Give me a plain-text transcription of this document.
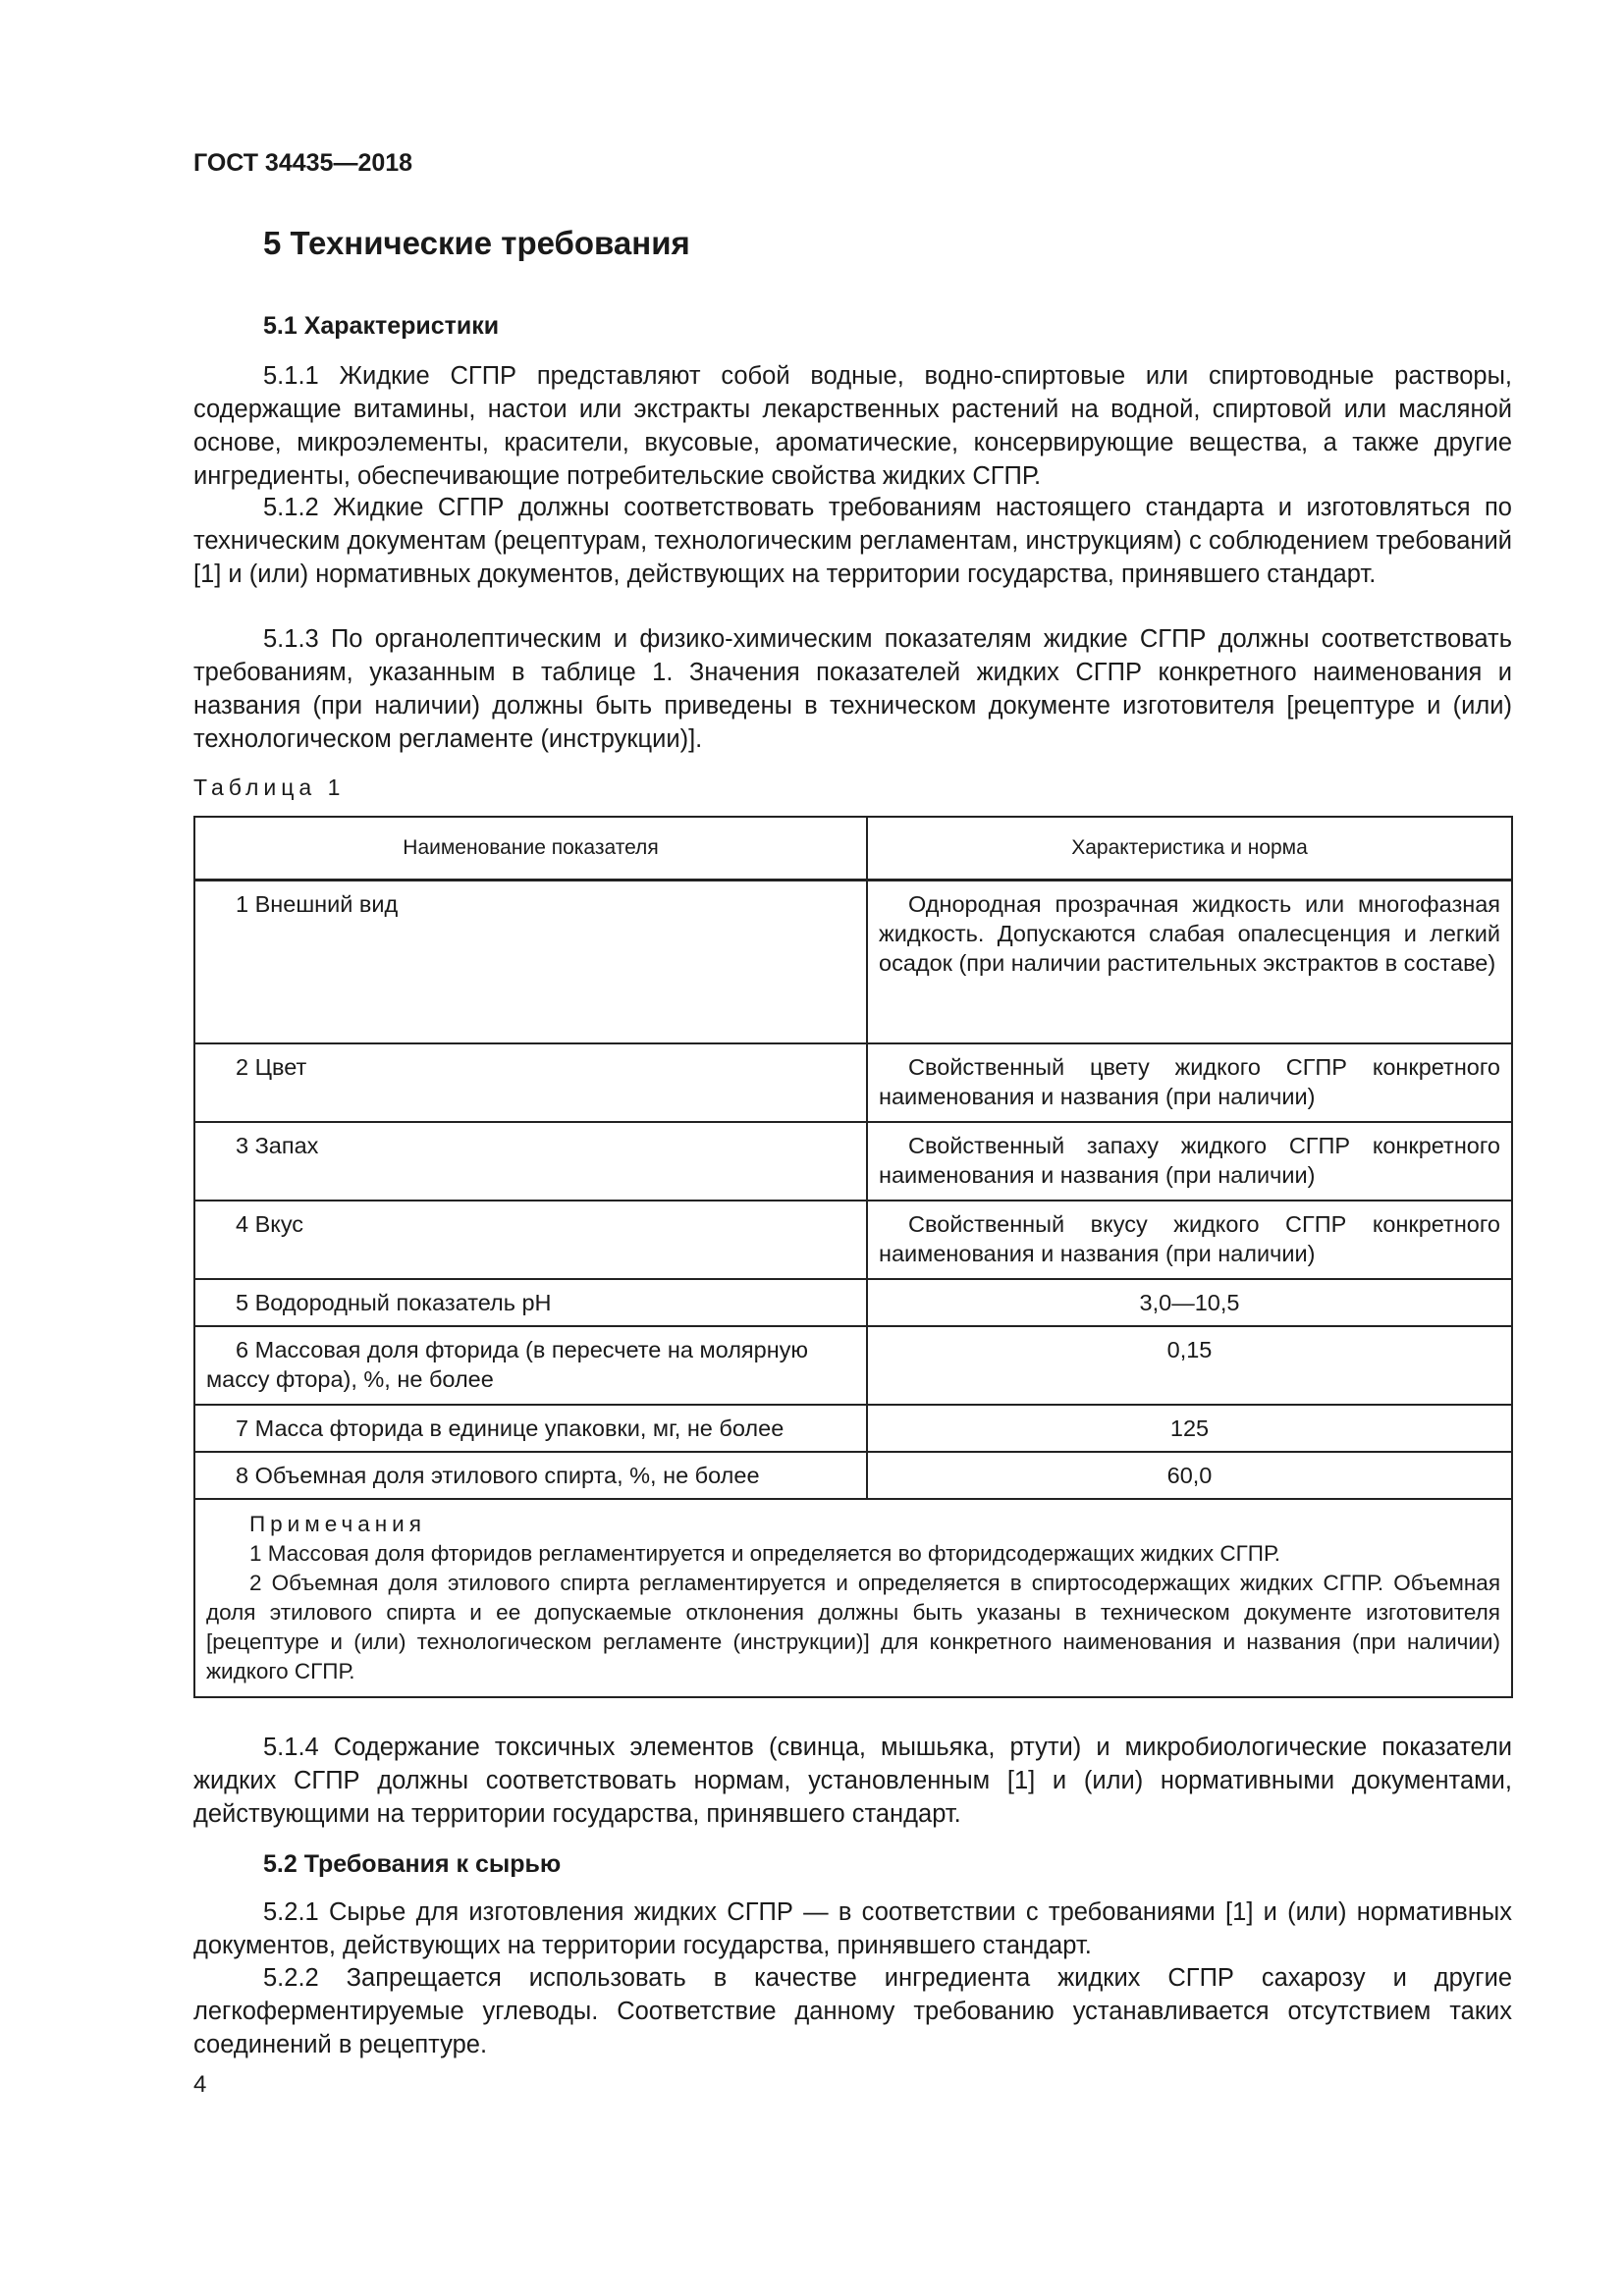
ГОСТ 34435—2018
5 Технические требования
5.1 Характеристики

5.1.1 Жидкие СГПР представляют собой водные, водно-спиртовые или спиртоводные растворы, содержащие витамины, настои или экстракты лекарственных растений на водной, спиртовой или масляной основе, микроэлементы, красители, вкусовые, ароматические, консервирующие вещества, а также другие ингредиенты, обеспечивающие потребительские свойства жидких СГПР.

5.1.2 Жидкие СГПР должны соответствовать требованиям настоящего стандарта и изготовляться по техническим документам (рецептурам, технологическим регламентам, инструкциям) с соблюдением требований [1] и (или) нормативных документов, действующих на территории государства, принявшего стандарт.

5.1.3 По органолептическим и физико-химическим показателям жидкие СГПР должны соответствовать требованиям, указанным в таблице 1. Значения показателей жидких СГПР конкретного наименования и названия (при наличии) должны быть приведены в техническом документе изготовителя [рецептуре и (или) технологическом регламенте (инструкции)].

Таблица 1
Наименование показателя	Характеристика и норма
1 Внешний вид	Однородная прозрачная жидкость или многофазная жидкость. Допускаются слабая опалесценция и легкий осадок (при наличии растительных экстрактов в составе)
2 Цвет	Свойственный цвету жидкого СГПР конкретного наименования и названия (при наличии)
3 Запах	Свойственный запаху жидкого СГПР конкретного наименования и названия (при наличии)
4 Вкус	Свойственный вкусу жидкого СГПР конкретного наименования и названия (при наличии)
5 Водородный показатель рН	3,0—10,5
6 Массовая доля фторида (в пересчете на молярную массу фтора), %, не более	0,15
7 Масса фторида в единице упаковки, мг, не более	125
8 Объемная доля этилового спирта, %, не более	60,0

Примечания
1 Массовая доля фторидов регламентируется и определяется во фторидсодержащих жидких СГПР.
2 Объемная доля этилового спирта регламентируется и определяется в спиртосодержащих жидких СГПР. Объемная доля этилового спирта и ее допускаемые отклонения должны быть указаны в техническом документе изготовителя [рецептуре и (или) технологическом регламенте (инструкции)] для конкретного наименования и названия (при наличии) жидкого СГПР.	

5.1.4 Содержание токсичных элементов (свинца, мышьяка, ртути) и микробиологические показатели жидких СГПР должны соответствовать нормам, установленным [1] и (или) нормативными документами, действующими на территории государства, принявшего стандарт.

5.2 Требования к сырью

5.2.1 Сырье для изготовления жидких СГПР — в соответствии с требованиями [1] и (или) нормативных документов, действующих на территории государства, принявшего стандарт.

5.2.2 Запрещается использовать в качестве ингредиента жидких СГПР сахарозу и другие легкоферментируемые углеводы. Соответствие данному требованию устанавливается отсутствием таких соединений в рецептуре.

4
